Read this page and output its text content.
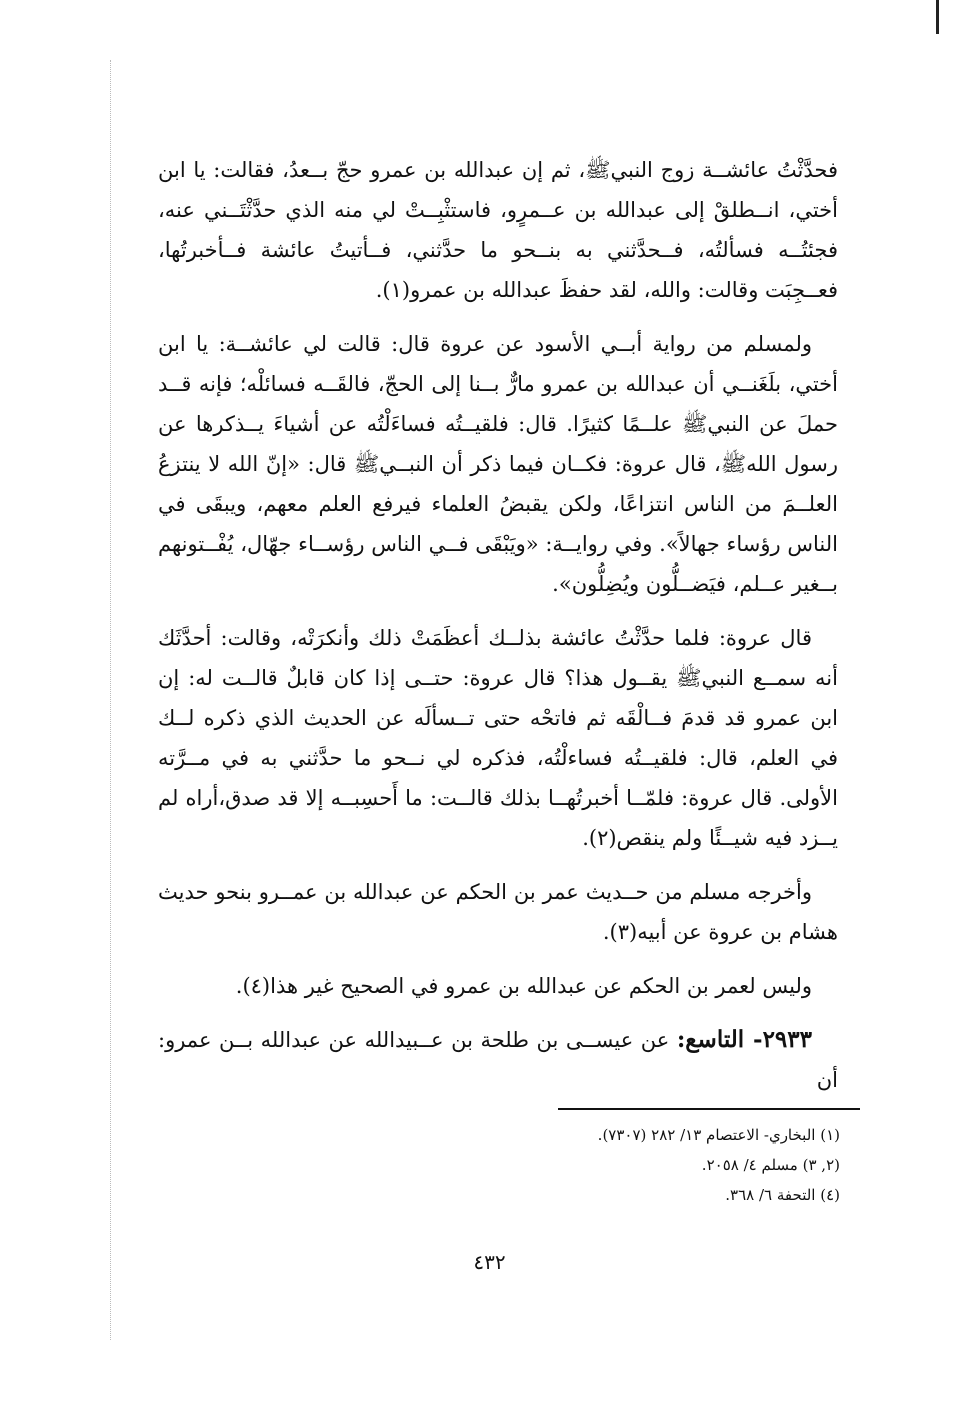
فحدَّثْتُ عائشــة زوج النبيﷺ، ثم إن عبدالله بن عمرو حجّ بــعدُ، فقالت: يا ابن أختي، انــطلقْ إلى عبدالله بن عــمرٍو، فاستثْبِــتْ لي منه الذي حدَّثْتَــني عنه، فجئتُــه فسألتُه، فــحدَّثني به بنــحو ما حدَّثني، فــأتيتُ عائشة فــأخبرتُها، فعــجِبَت وقالت: والله، لقد حفظَ عبدالله بن عمرو(١).

ولمسلم من رواية أبــي الأسود عن عروة قال: قالت لي عائشــة: يا ابن أختي، بلَغَنــي أن عبدالله بن عمرو مارٌّ بــنا إلى الحجّ، فالقَــه فسائلْه؛ فإنه قــد حملَ عن النبيﷺ علــمًا كثيرًا. قال: فلقيــتُه فساءَلْتُه عن أشياءَ يــذكرها عن رسول اللهﷺ، قال عروة: فكــان فيما ذكر أن النبــيﷺ قال: «إنّ الله لا ينتزعُ العلــمَ من الناس انتزاعًا، ولكن يقبضُ العلماء فيرفع العلم معهم، ويبقَى في الناس رؤساء جهالاً». وفي روايــة: «ويَبْقَى فــي الناس رؤســاء جهّال، يُفْــتونهم بــغير عــلم، فيَضــلُّون ويُضِلُّون».

قال عروة: فلما حدَّثْتُ عائشة بذلــك أعظَمَتْ ذلك وأنكرَتْه، وقالت: أحدَّثَك أنه سمــع النبيﷺ يقــول هذا؟ قال عروة: حتــى إذا كان قابلٌ قالــت له: إن ابن عمرو قد قدمَ فــالْقَه ثم فاتحْه حتى تــسألَه عن الحديث الذي ذكره لــك في العلم، قال: فلقيــتُه فساءلْتُه، فذكره لي نــحو ما حدَّثني به في مــرَّته الأولى. قال عروة: فلمّــا أخبرتُهــا بذلك قالــت: ما أَحسِبــه إلا قد صدق،أراه لم يــزد فيه شيــئًا ولم ينقص(٢).

وأخرجه مسلم من حــديث عمر بن الحكم عن عبدالله بن عمــرو بنحو حديث هشام بن عروة عن أبيه(٣).

وليس لعمر بن الحكم عن عبدالله بن عمرو في الصحيح غير هذا(٤).

٢٩٣٣- التاسع: عن عيســى بن طلحة بن عــبيدالله عن عبدالله بــن عمرو: أن

(١) البخاري- الاعتصام ١٣/ ٢٨٢ (٧٣٠٧).

(٢, ٣) مسلم ٤/ ٢٠٥٨.

(٤) التحفة ٦/ ٣٦٨.

٤٣٢
